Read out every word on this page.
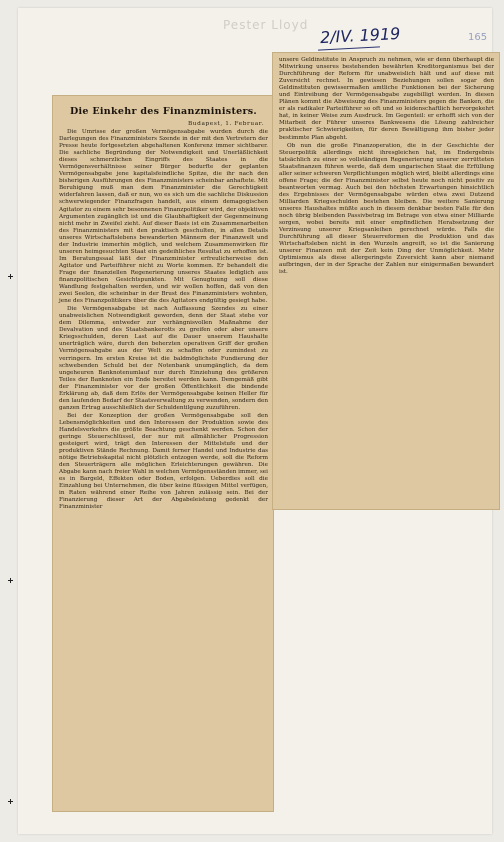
Pester Lloyd 2/IV. 1919	165
Die Einkehr des Finanzministers.
Budapest, 1. Februar.

Die Umrisse der großen Vermögensabgabe wurden durch die Darlegungen des Finanzministers Szende in der mit den Vertretern der Presse heute fortgesetzten abgehaltenen Konferenz immer sichtbarer. Die sachliche Begründung der Notwendigkeit und Unerläßlichkeit dieses schmerzlichen Eingriffs des Staates in die Vermögensverhältnisse seiner Bürger bedurfte der geplanten Vermögensabgabe jene kapitalsfeindliche Spitze, die ihr nach den bisherigen Ausführungen des Finanzministers scheinbar anhaftete. Mit Beruhigung muß man dem Finanzminister die Gerechtigkeit widerfahren lassen, daß er nun, wo es sich um die sachliche Diskussion schwerwiegender Finanzfragen handelt, aus einem demagogischen Agitator zu einem sehr besonnenen Finanzpolitiker wird, der objektiven Argumenten zugänglich ist und die Glaubhaftigkeit der Gegenmeinung nicht mehr in Zweifel zieht. Auf dieser Basis ist ein Zusammenarbeiten des Finanzministers mit den praktisch geschulten, in allen Details unseres Wirtschaftslebens bewanderten Männern der Finanzwelt und der Industrie immerhin möglich, und welchem Zusammenwirken für unseren heimgesuchten Staat ein gedeihliches Resultat zu erhoffen ist. Im Beratungssaal läßt der Finanzminister erfreulicherweise den Agitator und Parteiführer nicht zu Worte kommen. Er behandelt die Frage der finanziellen Regenerierung unseres Staates lediglich aus finanzpolitischen Gesichtspunkten. Mit Genugtuung soll diese Wandlung festgehalten werden, und wir wollen hoffen, daß von den zwei Seelen, die scheinbar in der Brust des Finanzministers wohnten, jene des Finanzpolitikers über die des Agitators endgültig gesiegt habe.

Die Vermögensabgabe ist nach Auffassung Szendes zu einer unabweislichen Notwendigkeit geworden, denn der Staat stehe vor dem Dilemma, entweder zur verhängnisvollen Maßnahme der Devalvation und des Staatsbankerotts zu greifen oder aber unsere Kriegsschulden, deren Last auf die Dauer unserem Haushalte unerträglich wäre, durch den beherzten operativen Griff der großen Vermögensabgabe aus der Welt zu schaffen oder zumindest zu verringern. Im ersten Kreise ist die baldmöglichste Fundierung der schwebenden Schuld bei der Notenbank unumgänglich, da dem ungeheuren Banknotenumlauf nur durch Einziehung des größeren Teiles der Banknoten ein Ende bereitet werden kann. Demgemäß gibt der Finanzminister vor der großen Öffentlichkeit die bindende Erklärung ab, daß dem Erlös der Vermögensabgabe keinen Heller für den laufenden Bedarf der Staatsverwaltung zu verwenden, sondern den ganzen Ertrag ausschließlich der Schuldentilgung zuzuführen.

Bei der Konzeption der großen Vermögensabgabe soll den Lebensmöglichkeiten und den Interessen der Produktion sowie des Handelsverkehrs die größte Beachtung geschenkt werden. Schon der geringe Steuerschlüssel, der nur mit allmählicher Progression gesteigert wird, trägt den Interessen der Mittelstufe und der produktiven Stände Rechnung. Damit ferner Handel und Industrie das nötige Betriebskapital nicht plötzlich entzogen werde, soll die Reform den Steuerträgern alle möglichen Erleichterungen gewähren. Die Abgabe kann nach freier Wahl in welchen Vermögensständen immer, sei es in Bargeld, Effekten oder Boden, erfolgen. Ueberdies soll die Einzahlung bei Unternehmen, die über keine flüssigen Mittel verfügen, in Raten während einer Reihe von Jahren zulässig sein. Bei der Finanzierung dieser Art der Abgabeleistung gedenkt der Finanzminister

unsere Geldinstitute in Anspruch zu nehmen, wie er denn überhaupt die Mitwirkung unseres bestehenden bewährten Kreditorganismus bei der Durchführung der Reform für unabweislich hält und auf diese mit Zuversicht rechnet. In gewissen Beziehungen sollen sogar den Geldinstituten gewissermaßen amtliche Funktionen bei der Sicherung und Eintreibung der Vermögensabgabe zugebilligt werden. In diesen Plänen kommt die Abweisung des Finanzministers gegen die Banken, die er als radikaler Parteiführer so oft und so leidenschaftlich hervorgekehrt hat, in keiner Weise zum Ausdruck. Im Gegenteil: er erhofft sich von der Mitarbeit der Führer unseres Bankwesens die Lösung zahlreicher praktischer Schwierigkeiten, für deren Bewältigung ihm bisher jeder bestimmte Plan abgeht.

Ob nun die große Finanzoperation, die in der Geschichte der Steuerpolitik allerdings nicht ihresgleichen hat, im Endergebnis tatsächlich zu einer so vollständigen Regenerierung unserer zerrütteten Staatsfinanzen führen werde, daß dem ungarischen Staat die Erfüllung aller seiner schweren Verpflichtungen möglich wird, bleibt allerdings eine offene Frage; die der Finanzminister selbst heute noch nicht positiv zu beantworten vermag. Auch bei den höchsten Erwartungen hinsichtlich des Ergebnisses der Vermögensabgabe würden etwa zwei Dutzend Milliarden Kriegsschulden bestehen bleiben. Die weitere Sanierung unseres Haushaltes müßte auch in diesem denkbar besten Falle für den noch übrig bleibenden Passivbetrag im Betrage von etwa einer Milliarde sorgen, wobei bereits mit einer empfindlichen Herabsetzung der Verzinsung unserer Kriegsanleihen gerechnet würde. Falls die Durchführung all dieser Steuerreformen die Produktion und das Wirtschaftsleben nicht in den Wurzeln angreift, so ist die Sanierung unserer Finanzen mit der Zeit kein Ding der Unmöglichkeit. Mehr Optimismus als diese allergeringste Zuversicht kann aber niemand aufbringen, der in der Sprache der Zahlen nur einigermaßen bewandert ist.
